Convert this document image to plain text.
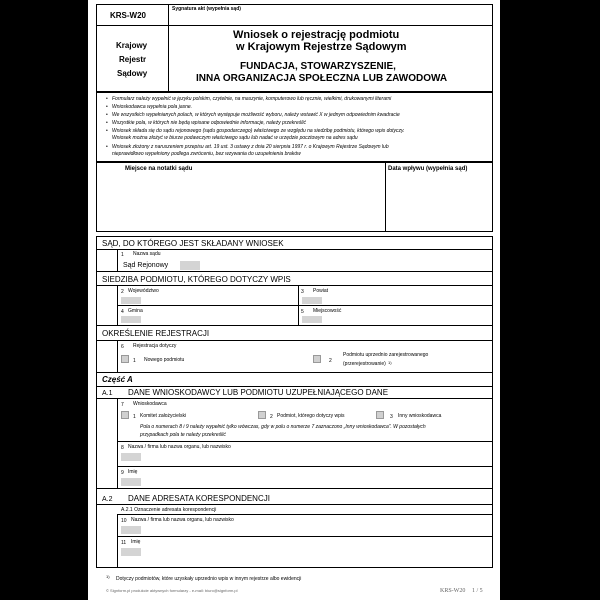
KRS-W20
Sygnatura akt (wypełnia sąd)
Krajowy
Rejestr
Sądowy
Wniosek o rejestrację podmiotu
w Krajowym Rejestrze Sądowym
FUNDACJA, STOWARZYSZENIE,
INNA ORGANIZACJA SPOŁECZNA LUB ZAWODOWA
• Formularz należy wypełnić w języku polskim, czytelnie, na maszynie, komputerowo lub ręcznie, wielkimi, drukowanymi literami
• Wnioskodawca wypełnia pola jasne.
• We wszystkich wypełnianych polach, w których występuje możliwość wyboru, należy wstawić X w jednym odpowiednim kwadracie
• Wszystkie pola, w których nie będą wpisane odpowiednie informacje, należy przekreślić
• Wniosek składa się do sądu rejonowego (sądu gospodarczego) właściwego ze względu na siedzibę podmiotu, którego wpis dotyczy.
Wniosek można złożyć w biurze podawczym właściwego sądu lub nadać w urzędzie pocztowym na adres sądu
• Wniosek złożony z naruszeniem przepisu art. 19 ust. 3 ustawy z dnia 20 sierpnia 1997 r. o Krajowym Rejestrze Sądowym lub
nieprawidłowo wypełniony podlega zwróceniu, bez wzywania do uzupełnienia braków
Miejsce na notatki sądu	Data wpływu (wypełnia sąd)
SĄD, DO KTÓREGO JEST SKŁADANY WNIOSEK
1 Nazwa sądu
Sąd Rejonowy
SIEDZIBA PODMIOTU, KTÓREGO DOTYCZY WPIS
2 Województwo	3 Powiat
4 Gmina	5 Miejscowość
OKREŚLENIE REJESTRACJI
6 Rejestracja dotyczy
1 Nowego podmiotu	2
Podmiotu uprzednio zarejestrowanego
(przerejestrowanie) 1)
Część A
A.1 DANE WNIOSKODAWCY LUB PODMIOTU UZUPEŁNIAJĄCEGO DANE
7 Wnioskodawca
1 Komitet założycielski	2 Podmiot, którego dotyczy wpis	3 Inny wnioskodawca
Pola o numerach 8 i 9 należy wypełnić tylko wówczas, gdy w polu o numerze 7 zaznaczono „Inny wnioskodawca”. W pozostałych
przypadkach pola te należy przekreślić
8 Nazwa / firma lub nazwa organu, lub nazwisko
9 Imię
A.2 DANE ADRESATA KORESPONDENCJI
A.2.1 Oznaczenie adresata korespondencji
10 Nazwa / firma lub nazwa organu, lub nazwisko
11 Imię
1) Dotyczy podmiotów, które uzyskały uprzednio wpis w innym rejestrze albo ewidencji
© Signform.pl produkcie aktywnych formularzy - e-mail: biuro@signform.pl	KRS-W20 1 / 5
